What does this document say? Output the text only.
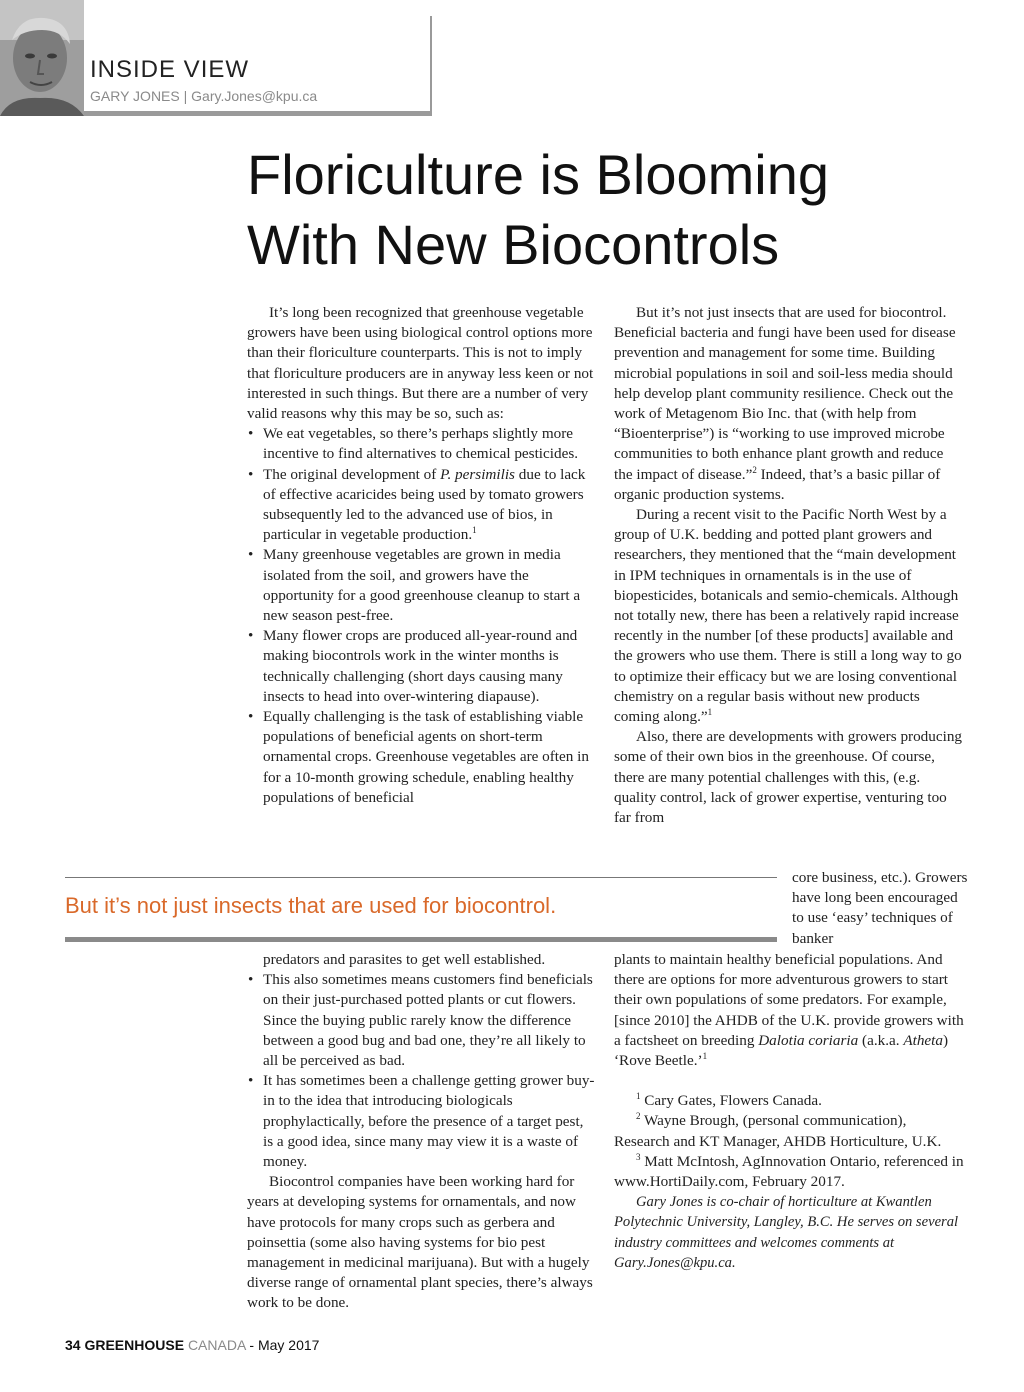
INSIDE VIEW
GARY JONES | Gary.Jones@kpu.ca
Floriculture is Blooming
With New Biocontrols

It’s long been recognized that greenhouse vegetable growers have been using biological control options more than their floriculture counterparts. This is not to imply that floriculture producers are in anyway less keen or not interested in such things. But there are a number of very valid reasons why this may be so, such as:

• We eat vegetables, so there’s perhaps slightly more incentive to find alternatives to chemical pesticides.
• The original development of P. persimilis due to lack of effective acaricides being used by tomato growers subsequently led to the advanced use of bios, in particular in vegetable production.$^1$
• Many greenhouse vegetables are grown in media isolated from the soil, and growers have the opportunity for a good greenhouse cleanup to start a new season pest-free.
• Many flower crops are produced all-year-round and making biocontrols work in the winter months is technically challenging (short days causing many insects to head into over-wintering diapause).
• Equally challenging is the task of establishing viable populations of beneficial agents on short-term ornamental crops. Greenhouse vegetables are often in for a 10-month growing schedule, enabling healthy populations of beneficial

But it’s not just insects that are used for biocontrol. Beneficial bacteria and fungi have been used for disease prevention and management for some time. Building microbial populations in soil and soil-less media should help develop plant community resilience. Check out the work of Metagenom Bio Inc. that (with help from “Bioenterprise”) is “working to use improved microbe communities to both enhance plant growth and reduce the impact of disease.”$^2$ Indeed, that’s a basic pillar of organic production systems.

During a recent visit to the Pacific North West by a group of U.K. bedding and potted plant growers and researchers, they mentioned that the “main development in IPM techniques in ornamentals is in the use of biopesticides, botanicals and semio-chemicals. Although not totally new, there has been a relatively rapid increase recently in the number [of these products] available and the growers who use them. There is still a long way to go to optimize their efficacy but we are losing conventional chemistry on a regular basis without new products coming along.”$^1$

Also, there are developments with growers producing some of their own bios in the greenhouse. Of course, there are many potential challenges with this, (e.g. quality control, lack of grower expertise, venturing too far from

But it’s not just insects that are used for biocontrol.

core business, etc.). Growers have long been encouraged to use ‘easy’ techniques of banker

predators and parasites to get well established.
• This also sometimes means customers find beneficials on their just-purchased potted plants or cut flowers. Since the buying public rarely know the difference between a good bug and bad one, they’re all likely to all be perceived as bad.
• It has sometimes been a challenge getting grower buy-in to the idea that introducing biologicals prophylactically, before the presence of a target pest, is a good idea, since many may view it is a waste of money.

Biocontrol companies have been working hard for years at developing systems for ornamentals, and now have protocols for many crops such as gerbera and poinsettia (some also having systems for bio pest management in medicinal marijuana). But with a hugely diverse range of ornamental plant species, there’s always work to be done.

plants to maintain healthy beneficial populations. And there are options for more adventurous growers to start their own populations of some predators. For example, [since 2010] the AHDB of the U.K. provide growers with a factsheet on breeding Dalotia coriaria (a.k.a. Atheta) ‘Rove Beetle.’$^1$

$^1$ Cary Gates, Flowers Canada.

$^2$ Wayne Brough, (personal communication), Research and KT Manager, AHDB Horticulture, U.K.

$^3$ Matt McIntosh, AgInnovation Ontario, referenced in www.HortiDaily.com, February 2017.

Gary Jones is co-chair of horticulture at Kwantlen Polytechnic University, Langley, B.C. He serves on several industry committees and welcomes comments at Gary.Jones@kpu.ca.

34 GREENHOUSE CANADA - May 2017
